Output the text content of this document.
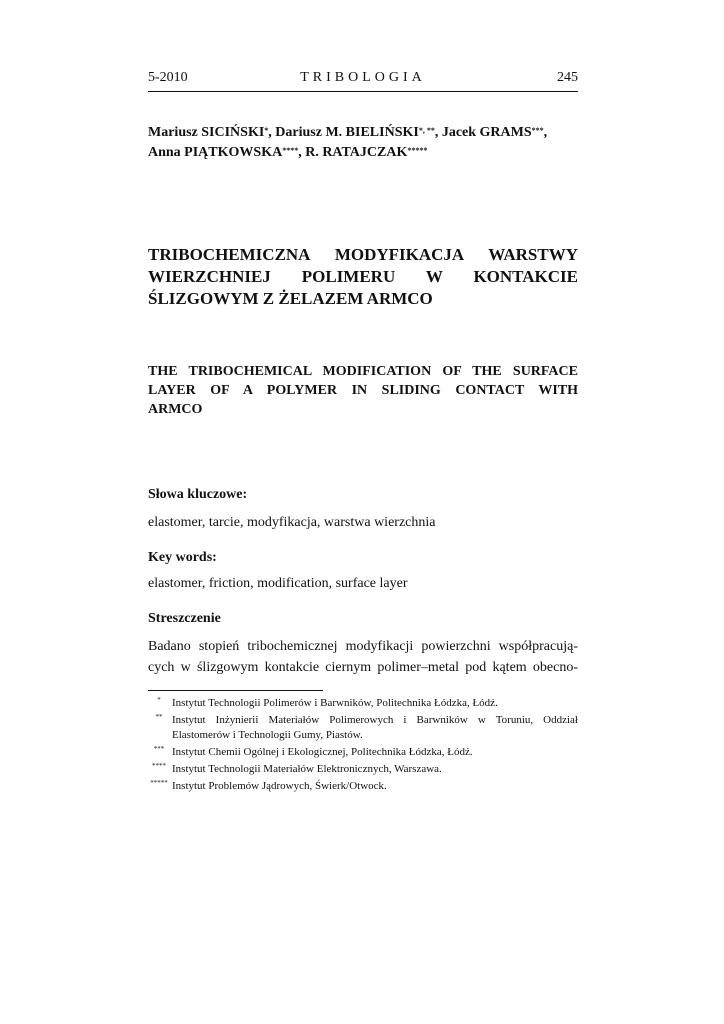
5-2010	TRIBOLOGIA	245
Mariusz SICIŃSKI*, Dariusz M. BIELIŃSKI*, **, Jacek GRAMS***,
Anna PIĄTKOWSKA****, R. RATAJCZAK*****
TRIBOCHEMICZNA MODYFIKACJA WARSTWY
WIERZCHNIEJ POLIMERU W KONTAKCIE
ŚLIZGOWYM Z ŻELAZEM ARMCO
THE TRIBOCHEMICAL MODIFICATION OF THE SURFACE
LAYER OF A POLYMER IN SLIDING CONTACT WITH
ARMCO
Słowa kluczowe:
elastomer, tarcie, modyfikacja, warstwa wierzchnia
Key words:
elastomer, friction, modification, surface layer
Streszczenie
Badano stopień tribochemicznej modyfikacji powierzchni współpracują-
cych w ślizgowym kontakcie ciernym polimer–metal pod kątem obecno-
*	Instytut Technologii Polimerów i Barwników, Politechnika Łódzka, Łódź.
** Instytut Inżynierii Materiałów Polimerowych i Barwników w Toruniu, Oddział
Elastomerów i Technologii Gumy, Piastów.
*** Instytut Chemii Ogólnej i Ekologicznej, Politechnika Łódzka, Łódź.
**** Instytut Technologii Materiałów Elektronicznych, Warszawa.
***** Instytut Problemów Jądrowych, Świerk/Otwock.
